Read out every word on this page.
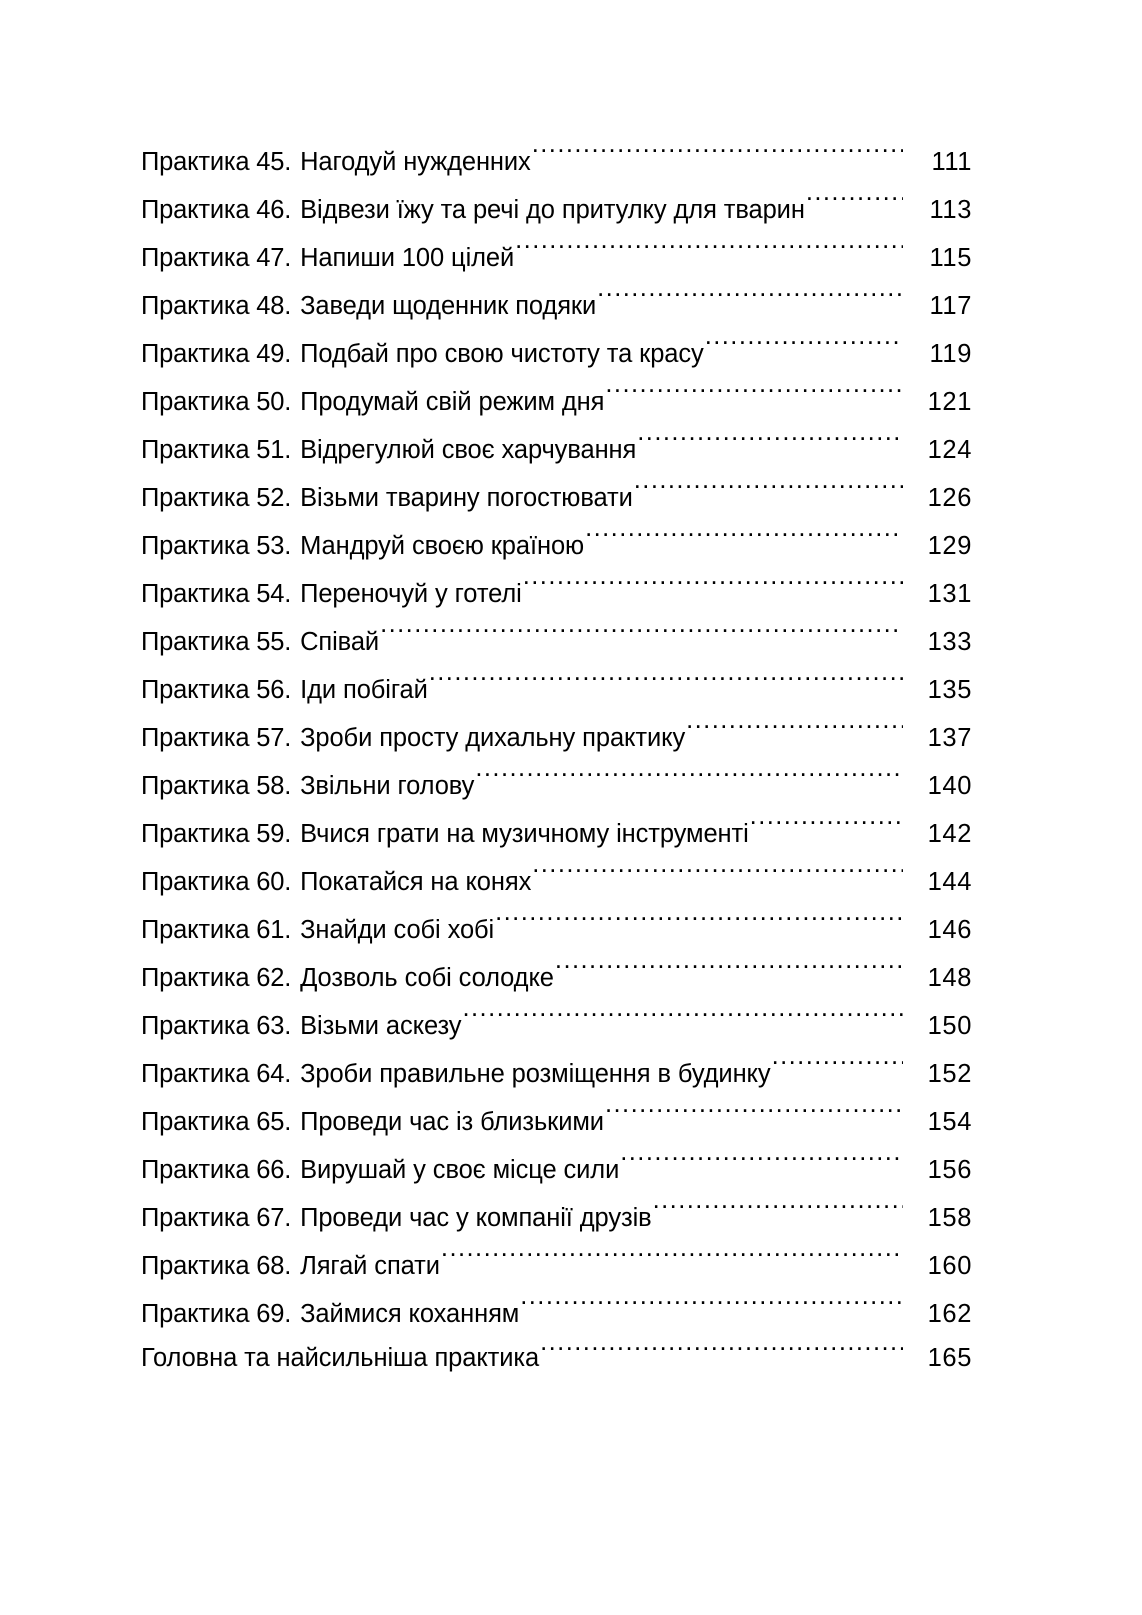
Практика 45. Нагодуй нужденних .....	111
Практика 46. Відвези їжу та речі до притулку для тварин .....	113
Практика 47. Напиши 100 цілей .....	115
Практика 48. Заведи щоденник подяки .....	117
Практика 49. Подбай про свою чистоту та красу .....	119
Практика 50. Продумай свій режим дня .....	121
Практика 51. Відрегулюй своє харчування .....	124
Практика 52. Візьми тварину погостювати .....	126
Практика 53. Мандруй своєю країною .....	129
Практика 54. Переночуй у готелі .....	131
Практика 55. Співай .....	133
Практика 56. Іди побігай .....	135
Практика 57. Зроби просту дихальну практику .....	137
Практика 58. Звільни голову .....	140
Практика 59. Вчися грати на музичному інструменті .....	142
Практика 60. Покатайся на конях .....	144
Практика 61. Знайди собі хобі .....	146
Практика 62. Дозволь собі солодке .....	148
Практика 63. Візьми аскезу .....	150
Практика 64. Зроби правильне розміщення в будинку .....	152
Практика 65. Проведи час із близькими .....	154
Практика 66. Вирушай у своє місце сили .....	156
Практика 67. Проведи час у компанії друзів .....	158
Практика 68. Лягай спати .....	160
Практика 69. Займися коханням .....	162
Головна та найсильніша практика .....	165
